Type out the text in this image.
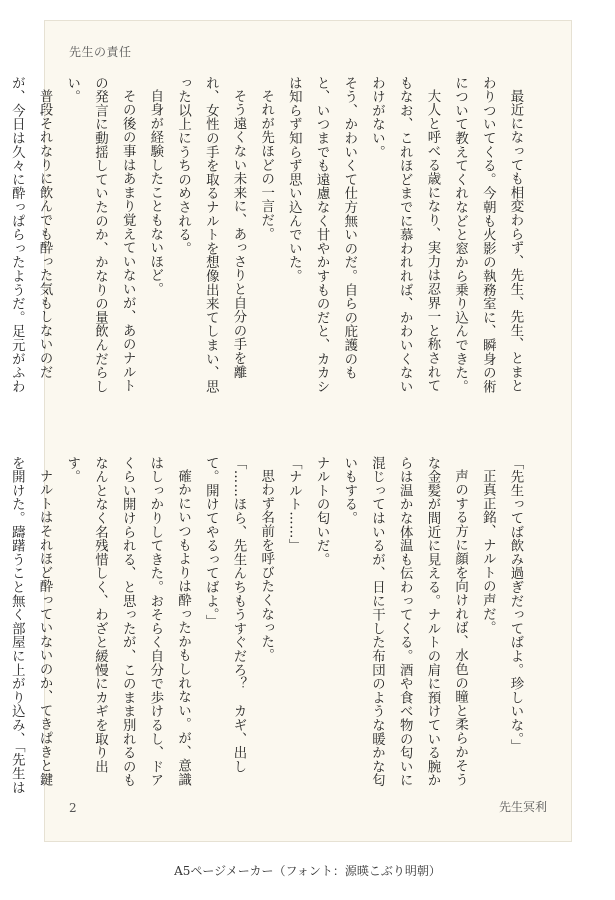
先生の責任

最近になっても相変わらず、先生、先生、とまとわりついてくる。今朝も火影の執務室に、瞬身の術について教えてくれなどと窓から乗り込んできた。

大人と呼べる歳になり、実力は忍界一と称されてもなお、これほどまでに慕われれば、かわいくないわけがない。

そう、かわいくて仕方無いのだ。自らの庇護のもと、いつまでも遠慮なく甘やかすものだと、カカシは知らず知らず思い込んでいた。

それが先ほどの一言だ。

そう遠くない未来に、あっさりと自分の手を離れ、女性の手を取るナルトを想像出来てしまい、思った以上にうちのめされる。

自身が経験したこともないほど。

その後の事はあまり覚えていないが、あのナルトの発言に動揺していたのか、かなりの量飲んだらしい。

普段それなりに飲んでも酔った気もしないのだが、今日は久々に酔っぱらったようだ。足元がふわ

「先生ってば飲み過ぎだってばよ。珍しいな。」

正真正銘、ナルトの声だ。

声のする方に顔を向ければ、水色の瞳と柔らかそうな金髪が間近に見える。ナルトの肩に預けている腕からは温かな体温も伝わってくる。酒や食べ物の匂いに混じってはいるが、日に干した布団のような暖かな匂いもする。

ナルトの匂いだ。

「ナルト……」

思わず名前を呼びたくなった。

「……ほら、先生んちもうすぐだろ？　カギ、出して。開けてやるってばよ。」

確かにいつもよりは酔ったかもしれない。が、意識はしっかりしてきた。おそらく自分で歩けるし、ドアくらい開けられる、と思ったが、このまま別れるのもなんとなく名残惜しく、わざと緩慢にカギを取り出す。

ナルトはそれほど酔っていないのか、てきぱきと鍵を開けた。躊躇うこと無く部屋に上がり込み、「先生は

2	先生冥利
A5ページメーカー（フォント：源暎こぶり明朝）
